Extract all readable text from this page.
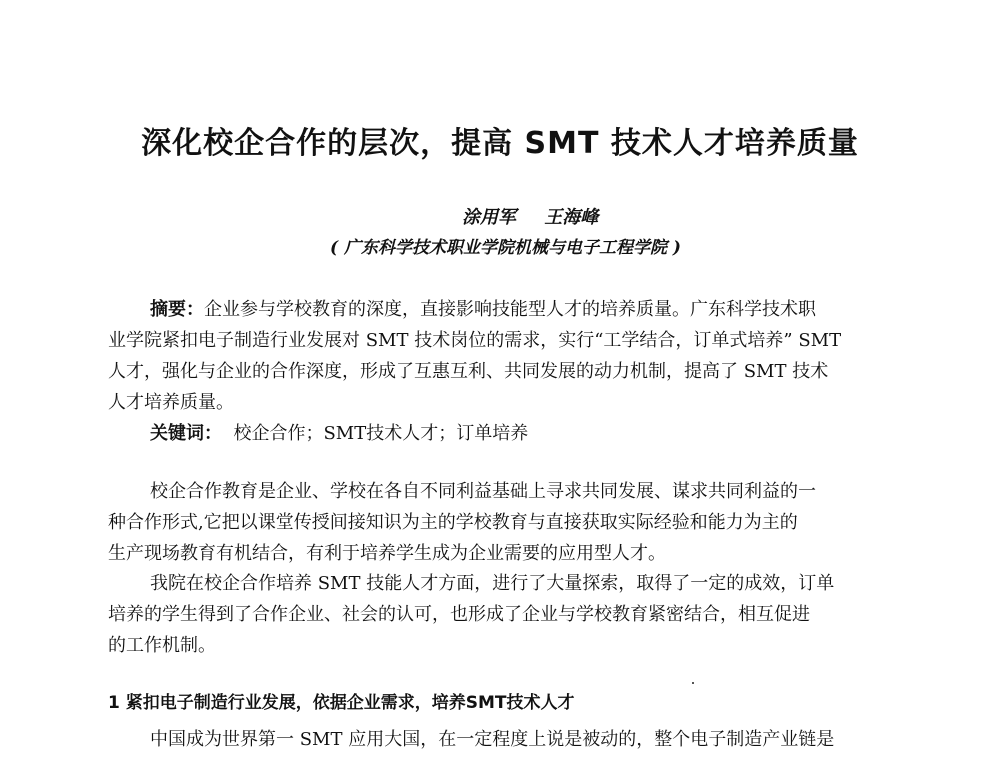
深化校企合作的层次，提高 SMT 技术人才培养质量
涂用军 王海峰
( 广东科学技术职业学院机械与电子工程学院 )
摘要：企业参与学校教育的深度，直接影响技能型人才的培养质量。广东科学技术职
业学院紧扣电子制造行业发展对 SMT 技术岗位的需求，实行“工学结合，订单式培养” SMT
人才，强化与企业的合作深度，形成了互惠互利、共同发展的动力机制，提高了 SMT 技术
人才培养质量。
关键词： 校企合作；SMT技术人才；订单培养
校企合作教育是企业、学校在各自不同利益基础上寻求共同发展、谋求共同利益的一
种合作形式,它把以课堂传授间接知识为主的学校教育与直接获取实际经验和能力为主的
生产现场教育有机结合，有利于培养学生成为企业需要的应用型人才。
我院在校企合作培养 SMT 技能人才方面，进行了大量探索，取得了一定的成效，订单
培养的学生得到了合作企业、社会的认可，也形成了企业与学校教育紧密结合，相互促进
的工作机制。
1 紧扣电子制造行业发展，依据企业需求，培养SMT技术人才
中国成为世界第一 SMT 应用大国，在一定程度上说是被动的，整个电子制造产业链是
